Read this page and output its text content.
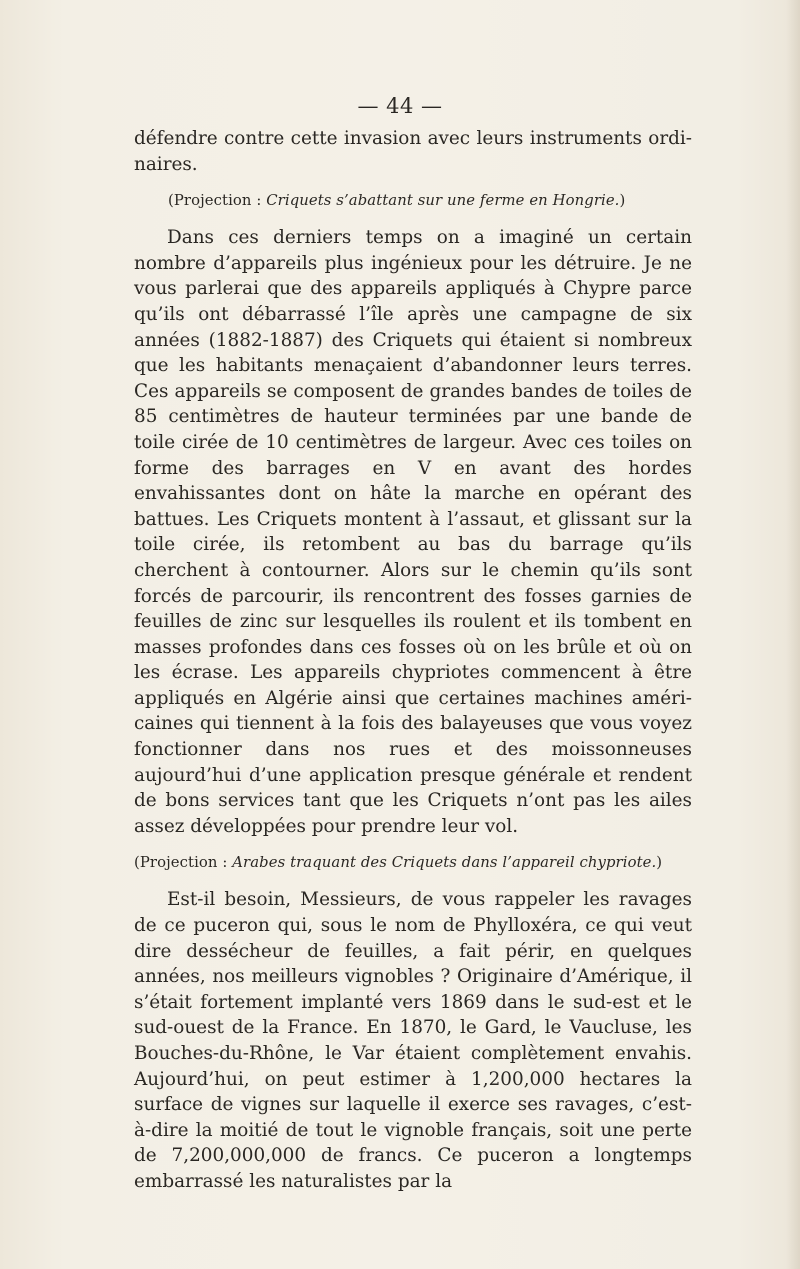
— 44 —

défendre contre cette invasion avec leurs instruments ordinaires.

(Projection : Criquets s’abattant sur une ferme en Hongrie.)

Dans ces derniers temps on a imaginé un certain nombre d’appareils plus ingénieux pour les détruire. Je ne vous parlerai que des appareils appliqués à Chypre parce qu’ils ont débarrassé l’île après une campagne de six années (1882-1887) des Criquets qui étaient si nombreux que les habitants menaçaient d’abandonner leurs terres. Ces appareils se composent de grandes bandes de toiles de 85 centimètres de hauteur terminées par une bande de toile cirée de 10 centimètres de largeur. Avec ces toiles on forme des barrages en V en avant des hordes envahissantes dont on hâte la marche en opérant des battues. Les Criquets montent à l’assaut, et glissant sur la toile cirée, ils retombent au bas du barrage qu’ils cherchent à contourner. Alors sur le chemin qu’ils sont forcés de parcourir, ils rencontrent des fosses garnies de feuilles de zinc sur lesquelles ils roulent et ils tombent en masses profondes dans ces fosses où on les brûle et où on les écrase. Les appareils chypriotes commencent à être appliqués en Algérie ainsi que certaines machines américaines qui tiennent à la fois des balayeuses que vous voyez fonctionner dans nos rues et des moissonneuses aujourd’hui d’une application presque générale et rendent de bons services tant que les Criquets n’ont pas les ailes assez développées pour prendre leur vol.

(Projection : Arabes traquant des Criquets dans l’appareil chypriote.)

Est-il besoin, Messieurs, de vous rappeler les ravages de ce puceron qui, sous le nom de Phylloxéra, ce qui veut dire dessécheur de feuilles, a fait périr, en quelques années, nos meilleurs vignobles ? Originaire d’Amérique, il s’était fortement implanté vers 1869 dans le sud-est et le sud-ouest de la France. En 1870, le Gard, le Vaucluse, les Bouches-du-Rhône, le Var étaient complètement envahis. Aujourd’hui, on peut estimer à 1,200,000 hectares la surface de vignes sur laquelle il exerce ses ravages, c’est-à-dire la moitié de tout le vignoble français, soit une perte de 7,200,000,000 de francs. Ce puceron a longtemps embarrassé les naturalistes par la
